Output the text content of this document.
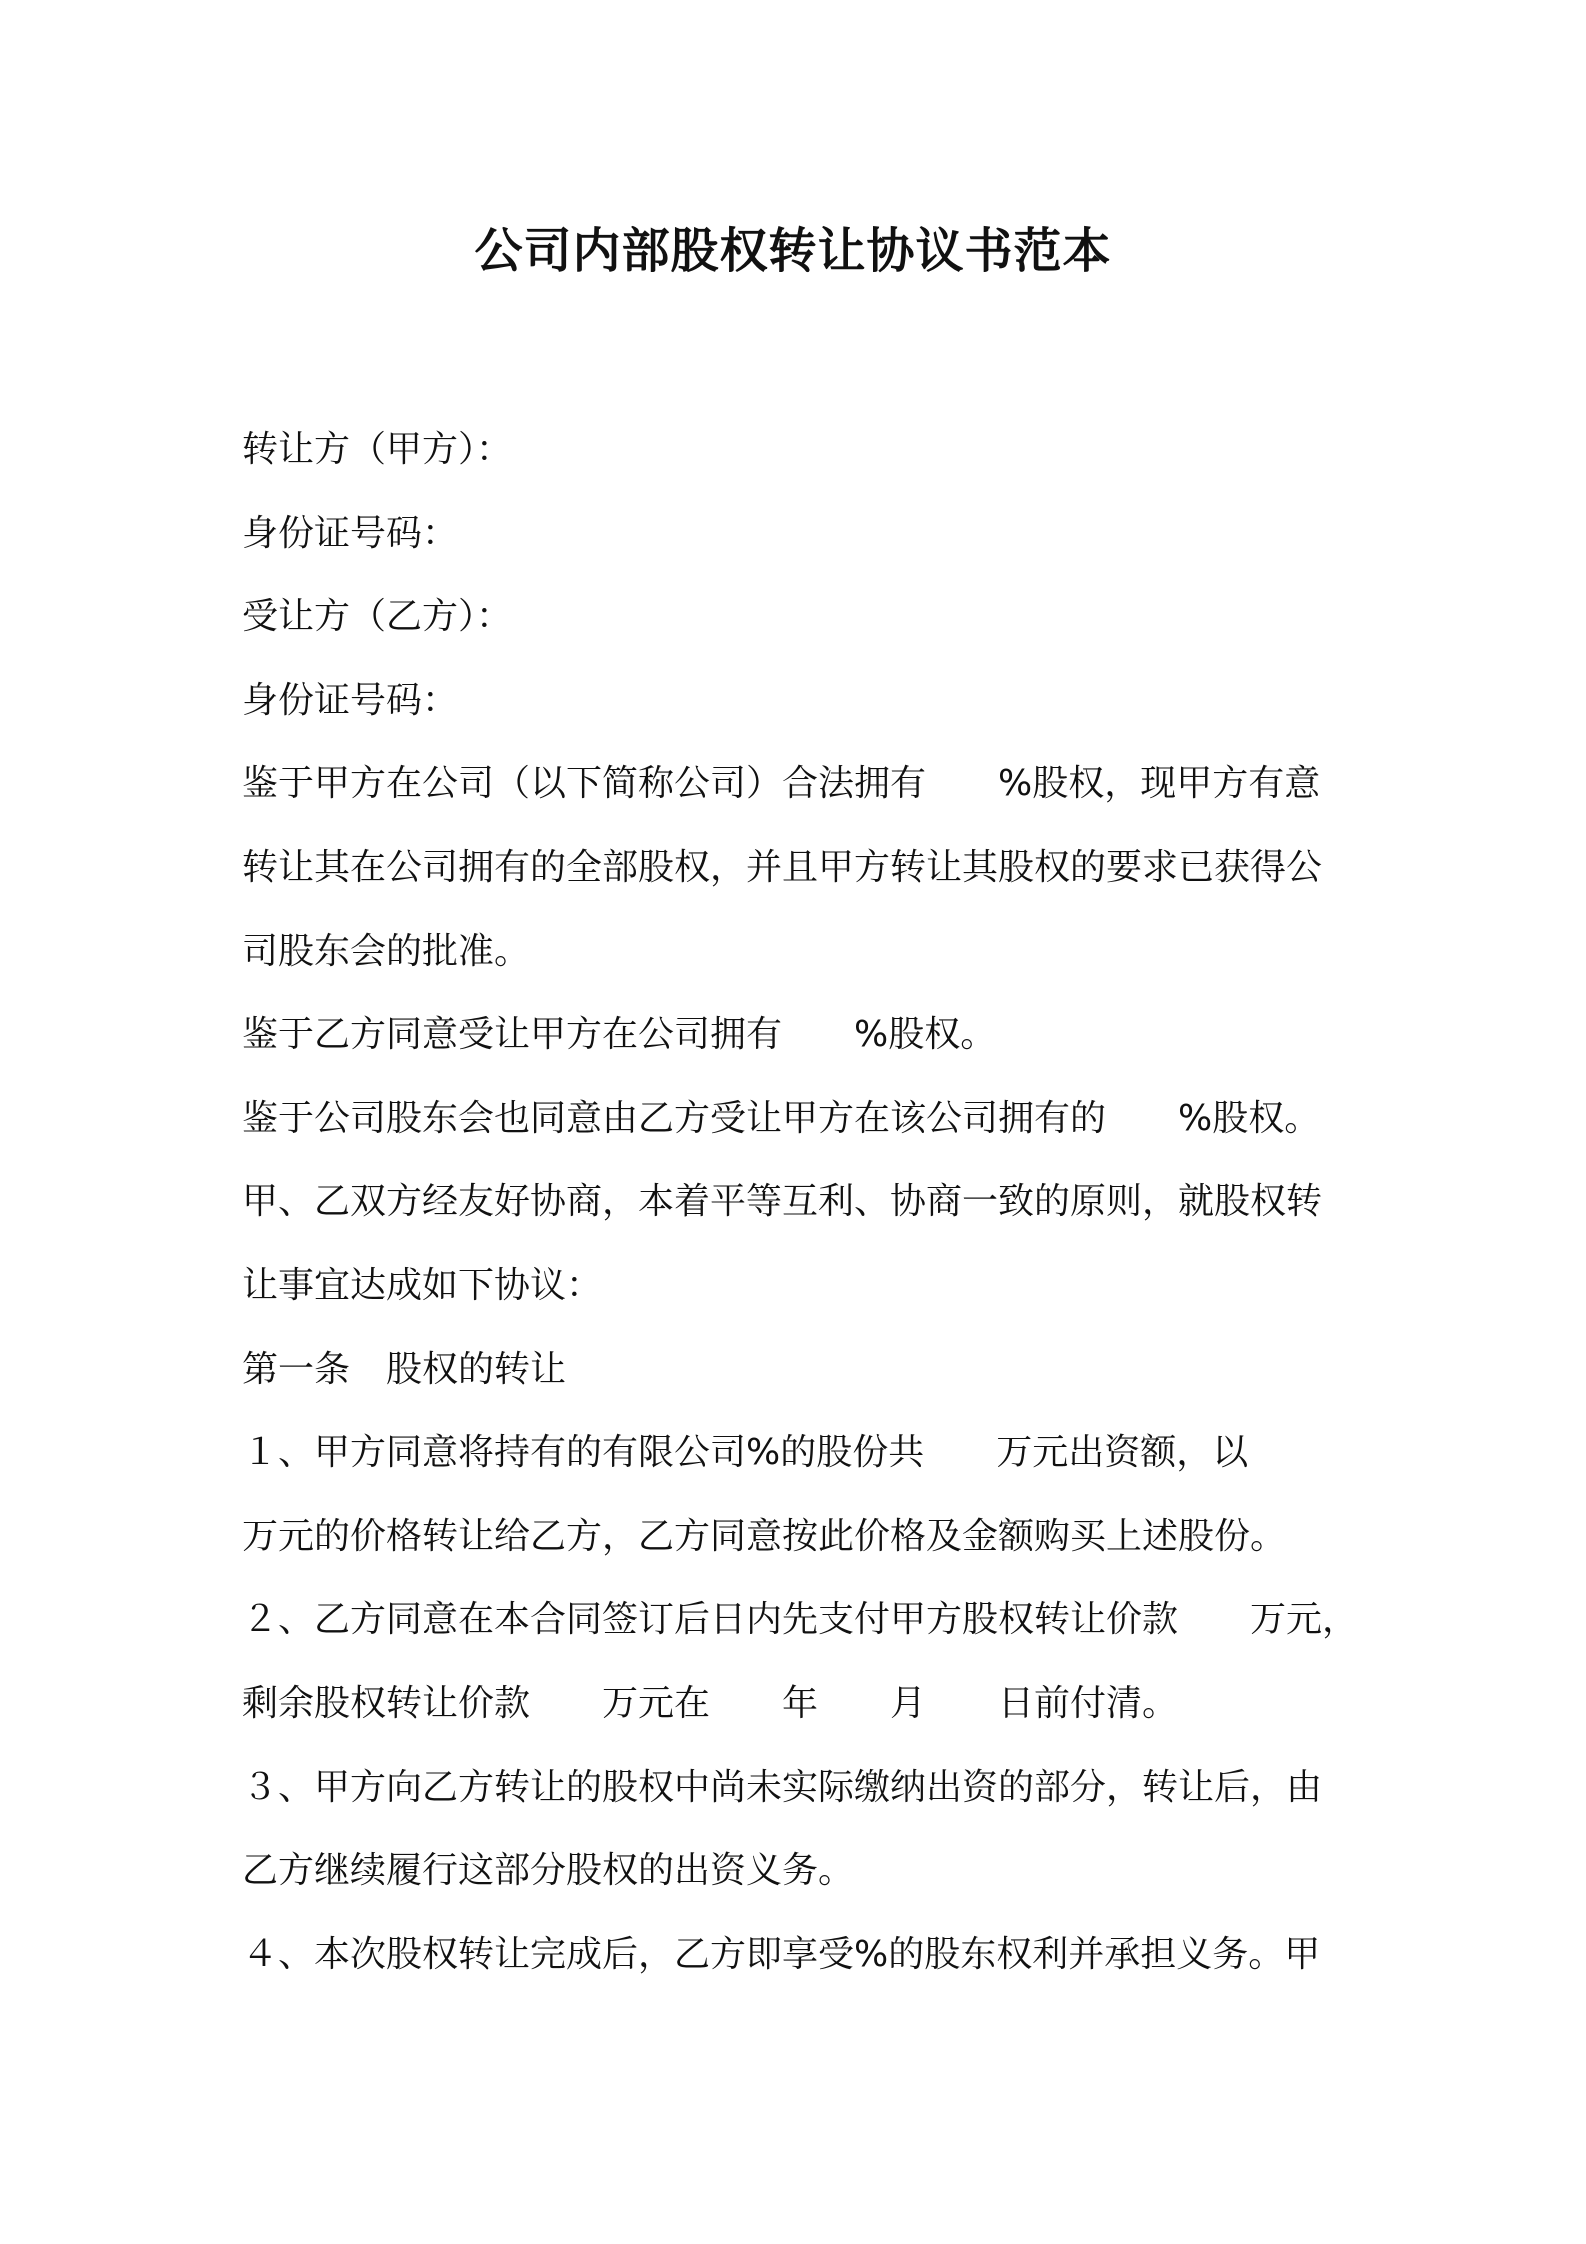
公司内部股权转让协议书范本

转让方（甲方）：

身份证号码：

受让方（乙方）：

身份证号码：

鉴于甲方在公司（以下简称公司）合法拥有　　%股权，现甲方有意

转让其在公司拥有的全部股权，并且甲方转让其股权的要求已获得公

司股东会的批准。

鉴于乙方同意受让甲方在公司拥有　　%股权。

鉴于公司股东会也同意由乙方受让甲方在该公司拥有的　　%股权。

甲、乙双方经友好协商，本着平等互利、协商一致的原则，就股权转

让事宜达成如下协议：

第一条　股权的转让

１、甲方同意将持有的有限公司%的股份共　　万元出资额，以

万元的价格转让给乙方，乙方同意按此价格及金额购买上述股份。

２、乙方同意在本合同签订后日内先支付甲方股权转让价款　　万元，

剩余股权转让价款　　万元在　　年　　月　　日前付清。

３、甲方向乙方转让的股权中尚未实际缴纳出资的部分，转让后，由

乙方继续履行这部分股权的出资义务。

４、本次股权转让完成后，乙方即享受%的股东权利并承担义务。甲
